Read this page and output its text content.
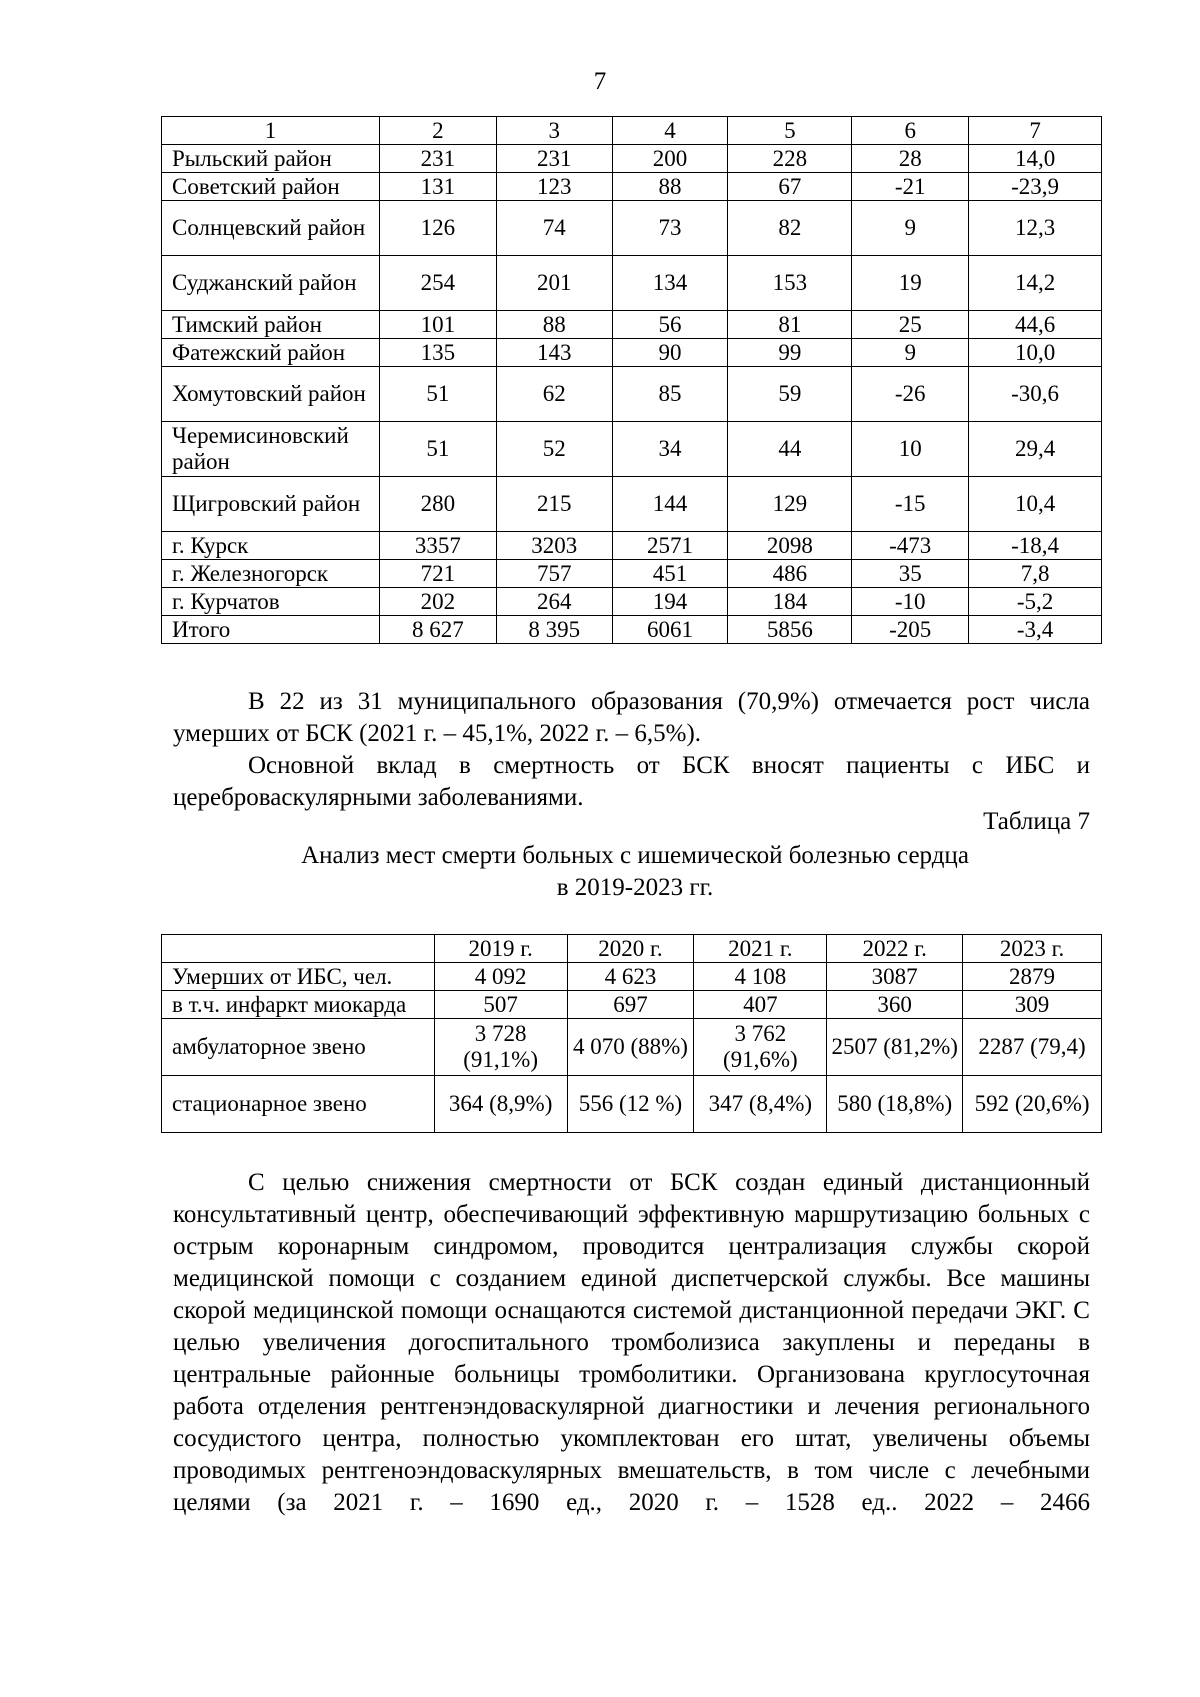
7
1	2	3	4	5	6	7
Рыльский район	231	231	200	228	28	14,0
Советский район	131	123	88	67	-21	-23,9
Солнцевский район	126	74	73	82	9	12,3
Суджанский район	254	201	134	153	19	14,2
Тимский район	101	88	56	81	25	44,6
Фатежский район	135	143	90	99	9	10,0
Хомутовский район	51	62	85	59	-26	-30,6
Черемисиновский район	51	52	34	44	10	29,4
Щигровский район	280	215	144	129	-15	10,4
г. Курск	3357	3203	2571	2098	-473	-18,4
г. Железногорск	721	757	451	486	35	7,8
г. Курчатов	202	264	194	184	-10	-5,2
Итого	8 627	8 395	6061	5856	-205	-3,4
В 22 из 31 муниципального образования (70,9%) отмечается рост числа умерших от БСК (2021 г. – 45,1%, 2022 г. – 6,5%).
Основной вклад в смертность от БСК вносят пациенты с ИБС и цереброваскулярными заболеваниями.
Таблица 7
Анализ мест смерти больных с ишемической болезнью сердца
в 2019-2023 гг.
	2019 г.	2020 г.	2021 г.	2022 г.	2023 г.
Умерших от ИБС, чел.	4 092	4 623	4 108	3087	2879
в т.ч. инфаркт миокарда	507	697	407	360	309
амбулаторное звено	3 728 (91,1%)	4 070 (88%)	3 762 (91,6%)	2507 (81,2%)	2287 (79,4)
стационарное звено	364 (8,9%)	556 (12 %)	347 (8,4%)	580 (18,8%)	592 (20,6%)
С целью снижения смертности от БСК создан единый дистанционный консультативный центр, обеспечивающий эффективную маршрутизацию больных с острым коронарным синдромом, проводится централизация службы скорой медицинской помощи с созданием единой диспетчерской службы. Все машины скорой медицинской помощи оснащаются системой дистанционной передачи ЭКГ. С целью увеличения догоспитального тромболизиса закуплены и переданы в центральные районные больницы тромболитики. Организована круглосуточная работа отделения рентгенэндоваскулярной диагностики и лечения регионального сосудистого центра, полностью укомплектован его штат, увеличены объемы проводимых рентгеноэндоваскулярных вмешательств, в том числе с лечебными целями (за 2021 г. – 1690 ед., 2020 г. – 1528 ед.. 2022 – 2466
